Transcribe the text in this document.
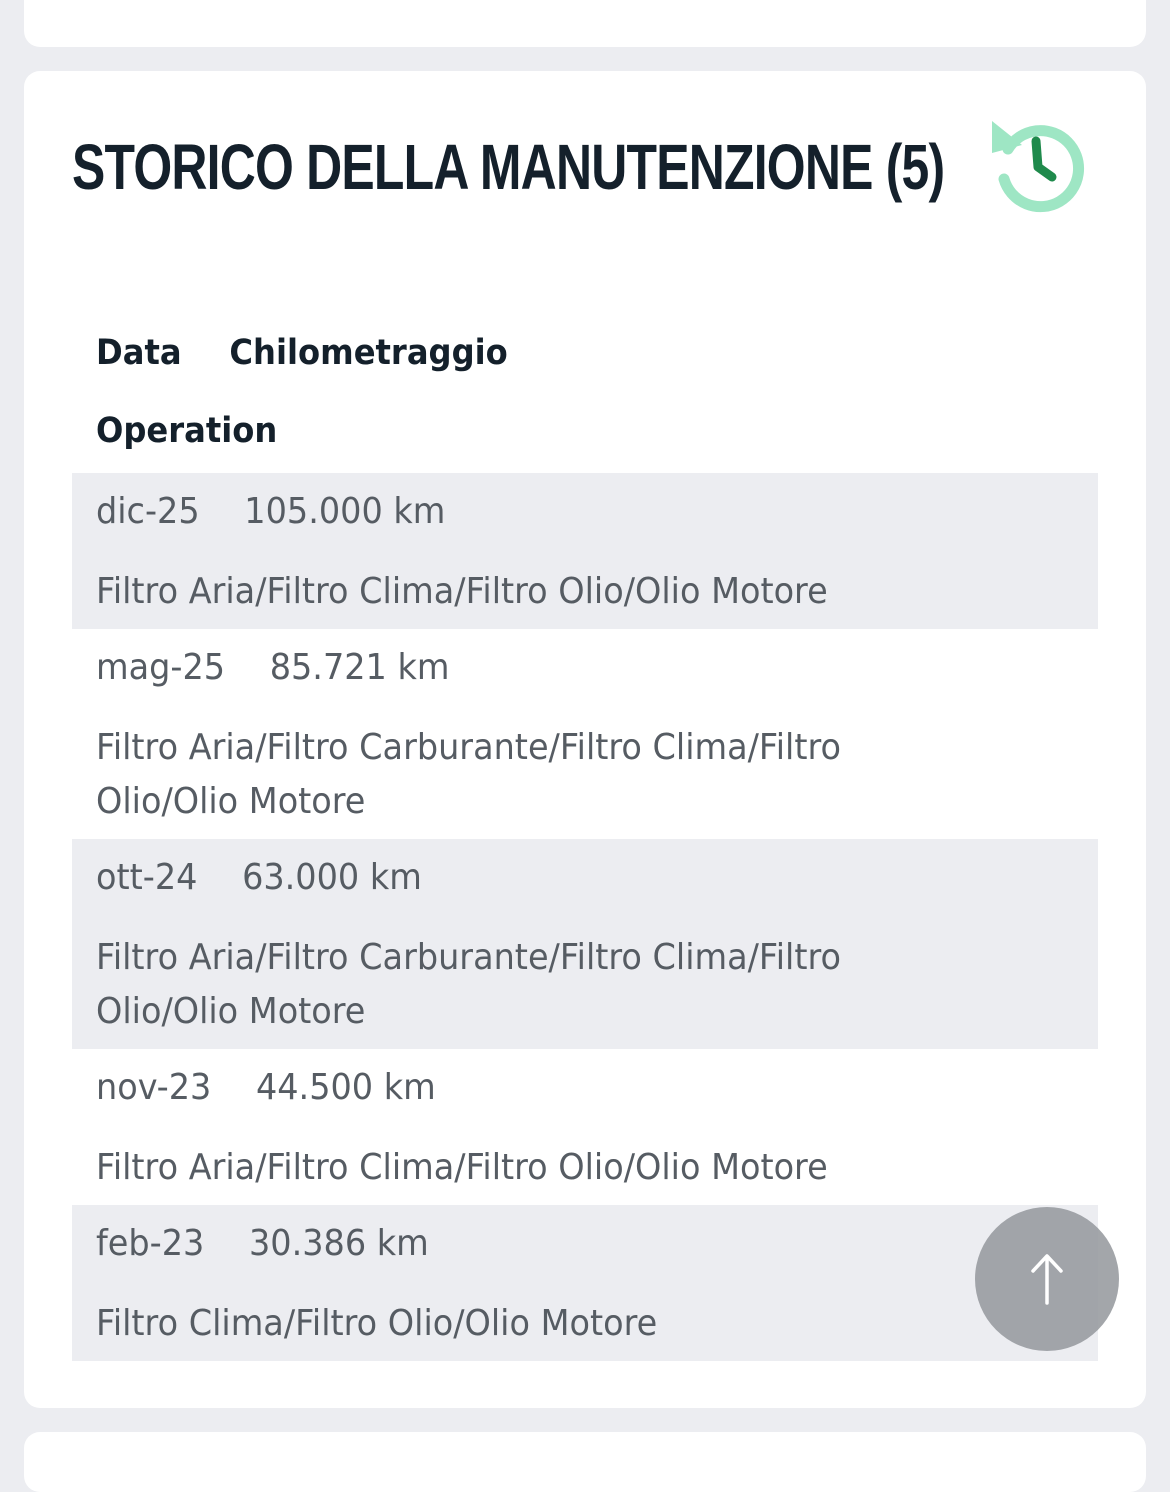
STORICO DELLA MANUTENZIONE (5)
Data Chilometraggio
Operation
dic-25 105.000 km
Filtro Aria/Filtro Clima/Filtro Olio/Olio Motore
mag-25 85.721 km
Filtro Aria/Filtro Carburante/Filtro Clima/Filtro Olio/Olio Motore
ott-24 63.000 km
Filtro Aria/Filtro Carburante/Filtro Clima/Filtro Olio/Olio Motore
nov-23 44.500 km
Filtro Aria/Filtro Clima/Filtro Olio/Olio Motore
feb-23 30.386 km
Filtro Clima/Filtro Olio/Olio Motore
